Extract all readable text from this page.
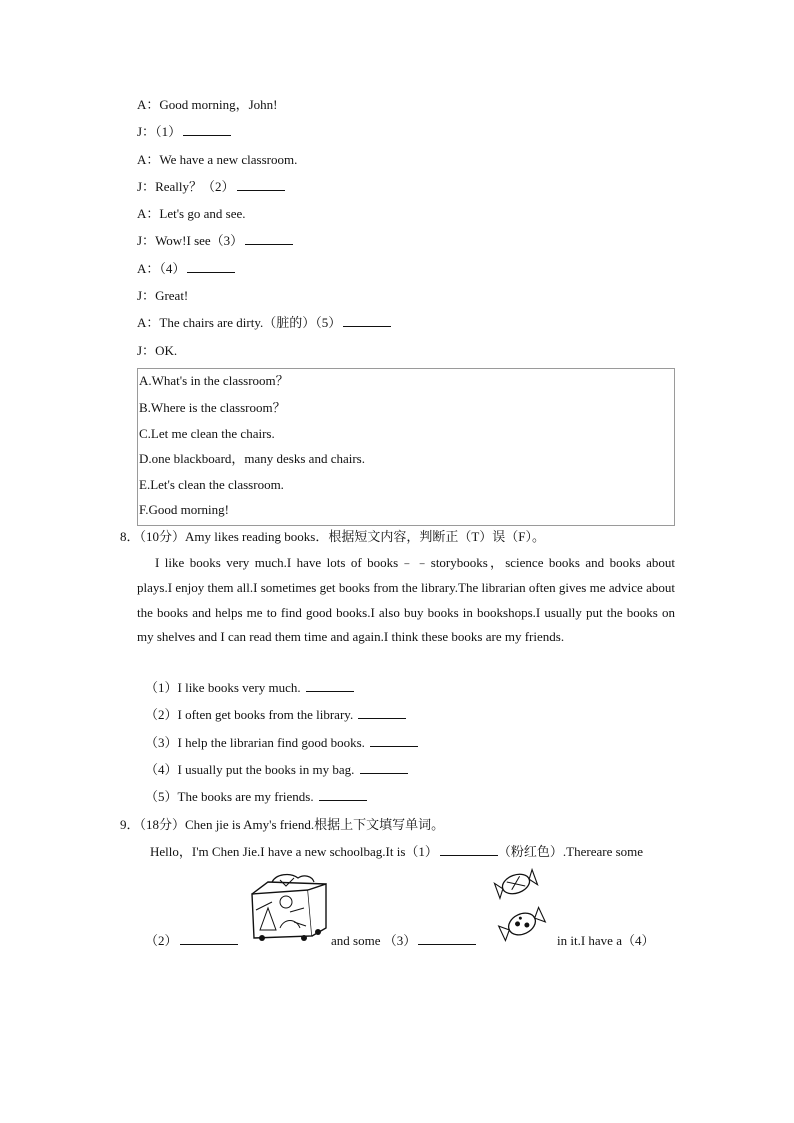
A：Good morning，John!
J：（1）
A：We have a new classroom.
J：Really？（2）
A：Let's go and see.
J：Wow!I see（3）
A：（4）
J：Great!
A：The chairs are dirty.（脏的）（5）
J：OK.
A.What's in the classroom？
B.Where is the classroom？
C.Let me clean the chairs.
D.one blackboard，many desks and chairs.
E.Let's clean the classroom.
F.Good morning!
8．（10分）Amy likes reading books．根据短文内容，判断正（T）误（F）。
I like books very much.I have lots of books﹣﹣storybooks，science books and books about plays.I enjoy them all.I sometimes get books from the library.The librarian often gives me advice about the books and helps me to find good books.I also buy books in bookshops.I usually put the books on my shelves and I can read them time and again.I think these books are my friends.
（1）I like books very much.
（2）I often get books from the library.
（3）I help the librarian find good books.
（4）I usually put the books in my bag.
（5）The books are my friends.
9．（18分）Chen jie is Amy's friend.根据上下文填写单词。
Hello，I'm Chen Jie.I have a new schoolbag.It is（1）	（粉红色）.Thereare some
（2）	and some （3）	in it.I have a（4）
